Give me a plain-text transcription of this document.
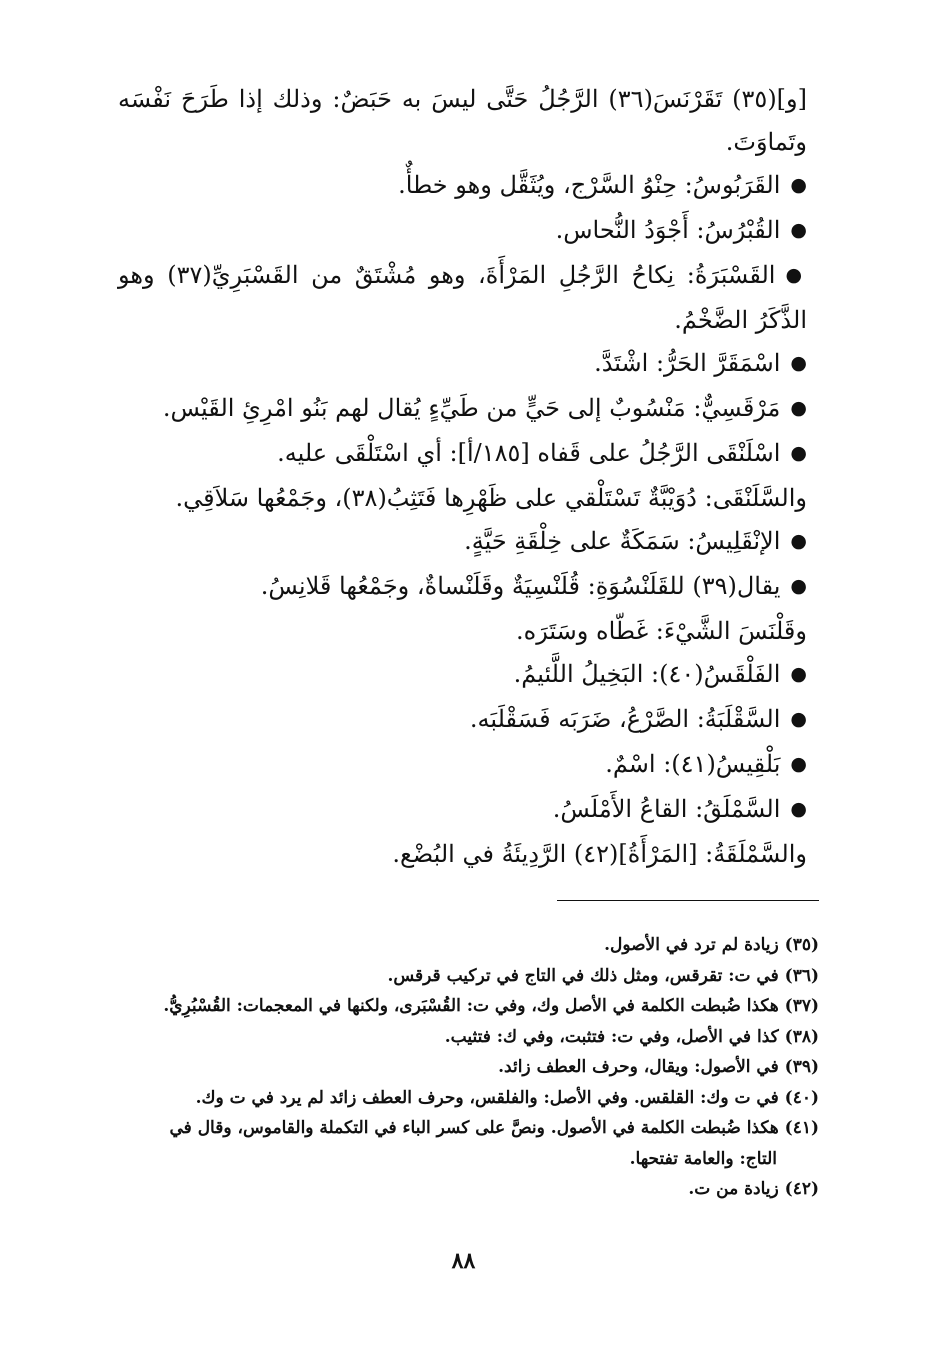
[و](٣٥) تَقَرْنَسَ(٣٦) الرَّجُلُ حَتَّى ليسَ به حَبَضٌ: وذلك إذا طَرَحَ نَفْسَه وتَماوَتَ.
● القَرَبُوسُ: حِنْوُ السَّرْج، ويُثَقَّل وهو خطأٌ.
● القُبْرُسُ: أَجْوَدُ النُّحاس.
● القَسْبَرَةُ: نِكاحُ الرَّجُلِ المَرْأَةَ، وهو مُشْتَقٌ من القَسْبَرِيِّ(٣٧) وهو الذَّكَرُ الضَّخْمُ.
● اسْمَقَرَّ الحَرُّ: اشْتَدَّ.
● مَرْقَسِيٌّ: مَنْسُوبٌ إلى حَيٍّ من طَيِّءٍ يُقال لهم بَنُو امْرِئِ القَيْس.
● اسْلَنْقَى الرَّجُلُ على قَفاه [١٨٥/أ]: أي اسْتَلْقَى عليه.
والسَّلَنْقَى: دُوَيْبَّةٌ تَسْتَلْقي على ظَهْرِها فَتَثِبُ(٣٨)، وجَمْعُها سَلاَقِي.
● الإنْقَلِيسُ: سَمَكَةٌ على خِلْقَةِ حَيَّةٍ.
● يقال(٣٩) للقَلَنْسُوَةِ: قُلَنْسِيَةٌ وقَلَنْساةٌ، وجَمْعُها قَلانِسُ.
وقَلْنَسَ الشَّيْءَ: غَطّاه وسَتَرَه.
● الفَلْقَسُ(٤٠): البَخِيلُ اللَّئيمُ.
● السَّقْلَبَةُ: الصَّرْعُ، ضَرَبَه فَسَقْلَبَه.
● بَلْقِيسُ(٤١): اسْمٌ.
● السَّمْلَقُ: القاعُ الأَمْلَسُ.
والسَّمْلَقَةُ: [المَرْأَةُ](٤٢) الرَّدِيئَةُ في البُضْع.
(٣٥) زيادة لم ترد في الأصول.
(٣٦) في ت: تقرقس، ومثل ذلك في التاج في تركيب قرقس.
(٣٧) هكذا ضُبطت الكلمة في الأصل وك، وفي ت: القُسْبَرى، ولكنها في المعجمات: القُسْبُرِيُّ.
(٣٨) كذا في الأصل، وفي ت: فتثبت، وفي ك: فتثيب.
(٣٩) في الأصول: ويقال، وحرف العطف زائد.
(٤٠) في ت وك: القلقس. وفي الأصل: والفلقس، وحرف العطف زائد لم يرد في ت وك.
(٤١) هكذا ضُبطت الكلمة في الأصول. ونصَّ على كسر الباء في التكملة والقاموس، وقال في
التاج: والعامة تفتحها.
(٤٢) زيادة من ت.
٨٨
